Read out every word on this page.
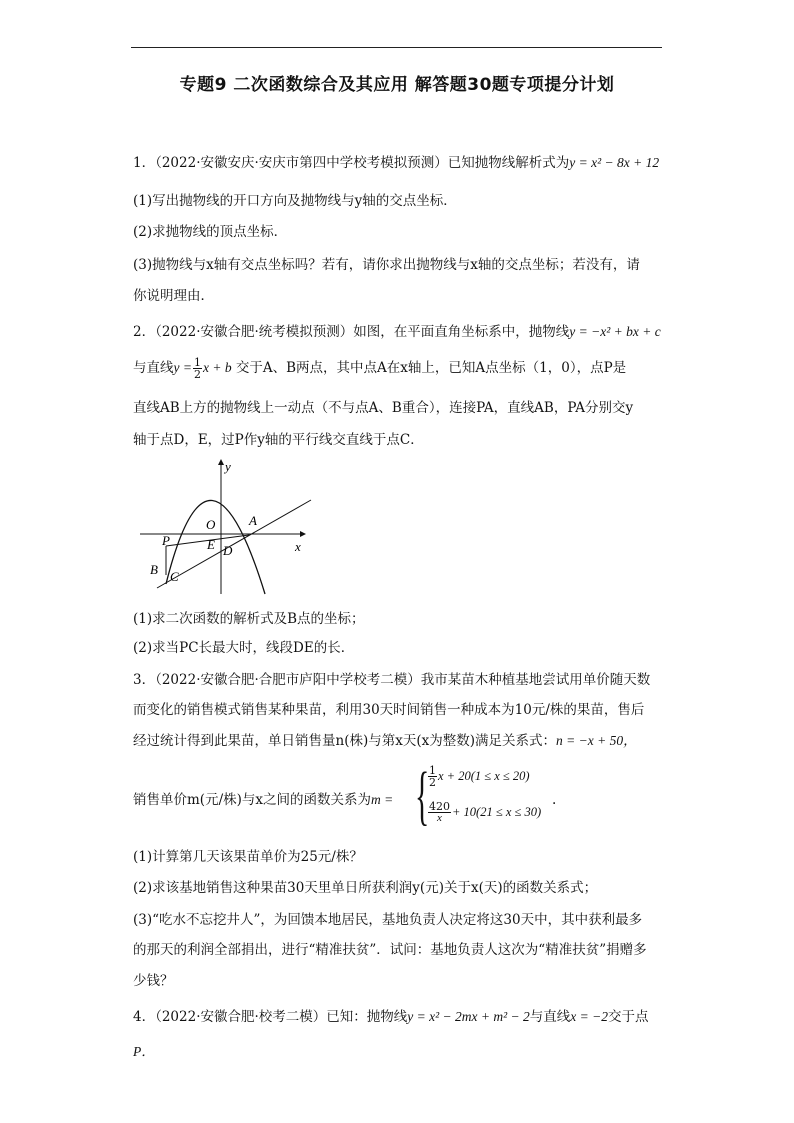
专题9 二次函数综合及其应用 解答题30题专项提分计划
1．（2022·安徽安庆·安庆市第四中学校考模拟预测）已知抛物线解析式为y = x² − 8x + 12
(1)写出抛物线的开口方向及抛物线与y轴的交点坐标．
(2)求抛物线的顶点坐标．
(3)抛物线与x轴有交点坐标吗？若有，请你求出抛物线与x轴的交点坐标；若没有，请
你说明理由．
2．（2022·安徽合肥·统考模拟预测）如图，在平面直角坐标系中，抛物线y = −x² + bx + c
与直线$y = \frac{1}{2}$ x + b 交于A、B两点，其中点A在x轴上，已知A点坐标（1，0），点P是
直线AB上方的抛物线上一动点（不与点A、B重合），连接PA，直线AB，PA分别交y
轴于点D，E，过P作y轴的平行线交直线于点C．
y
x
O	A
P	E D
B C
(1)求二次函数的解析式及B点的坐标；
(2)求当PC长最大时，线段DE的长．
3．（2022·安徽合肥·合肥市庐阳中学校考二模）我市某苗木种植基地尝试用单价随天数
而变化的销售模式销售某种果苗，利用30天时间销售一种成本为10元/株的果苗，售后
经过统计得到此果苗，单日销售量n(株)与第x天(x为整数)满足关系式：n = −x + 50，
销售单价m(元/株)与x之间的函数关系为m = {
$\frac{1}{2}$ x + 20(1 ≤ x ≤ 20)
$\frac{420}{x} + 10(21 \le x \le 30)$
.
(1)计算第几天该果苗单价为25元/株？
(2)求该基地销售这种果苗30天里单日所获利润y(元)关于x(天)的函数关系式；
(3)“吃水不忘挖井人”，为回馈本地居民，基地负责人决定将这30天中，其中获利最多
的那天的利润全部捐出，进行“精准扶贫”．试问：基地负责人这次为“精准扶贫”捐赠多
少钱？
4．（2022·安徽合肥·校考二模）已知：抛物线y = x² − 2mx + m² − 2与直线x = −2交于点
P．
